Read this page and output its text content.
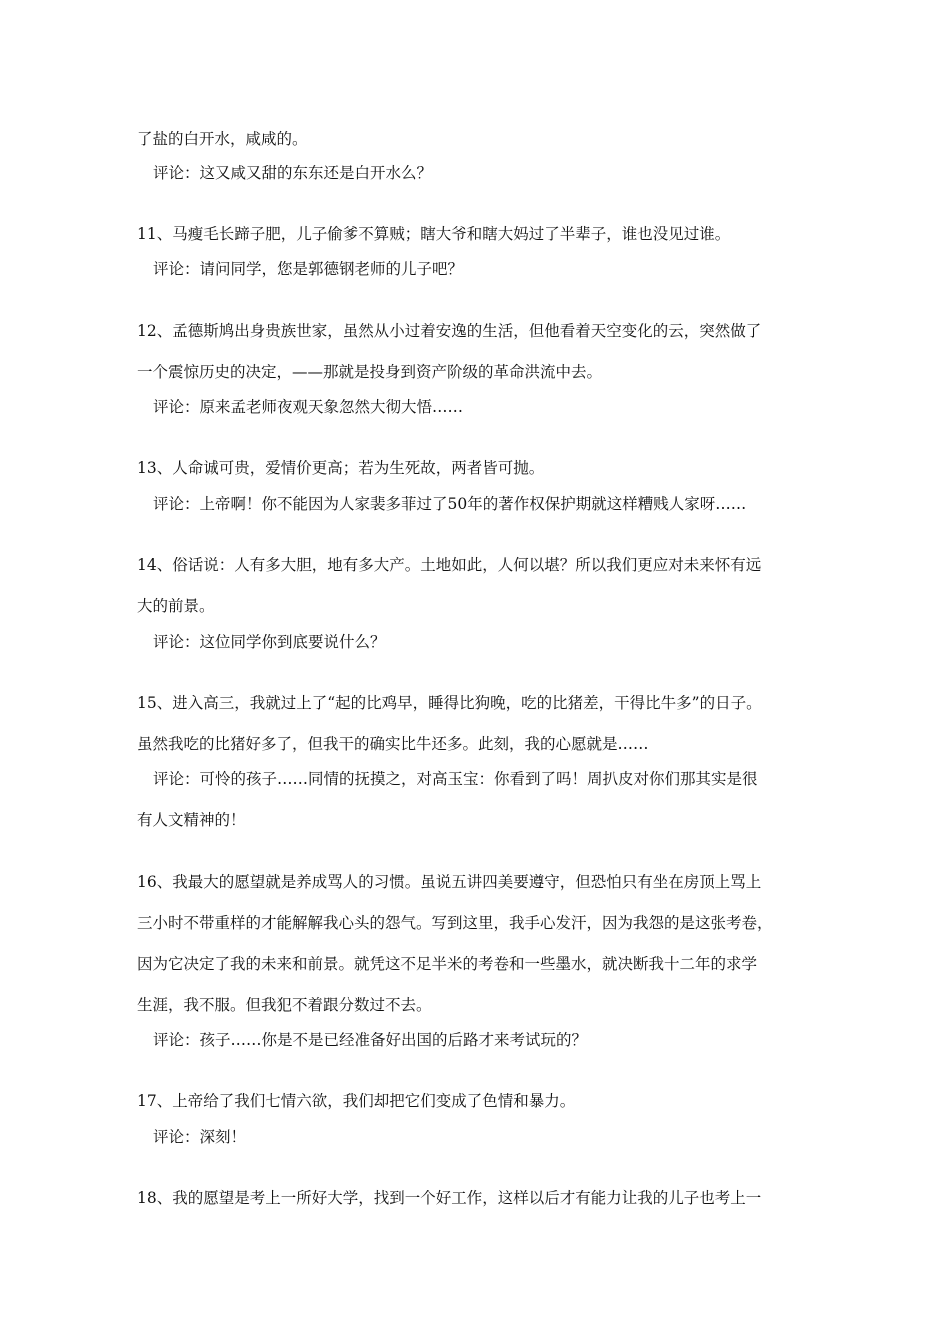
了盐的白开水，咸咸的。
评论：这又咸又甜的东东还是白开水么？
11、马瘦毛长蹄子肥，儿子偷爹不算贼；瞎大爷和瞎大妈过了半辈子，谁也没见过谁。
评论：请问同学，您是郭德钢老师的儿子吧？
12、孟德斯鸠出身贵族世家，虽然从小过着安逸的生活，但他看着天空变化的云，突然做了
一个震惊历史的决定，——那就是投身到资产阶级的革命洪流中去。
评论：原来孟老师夜观天象忽然大彻大悟……
13、人命诚可贵，爱情价更高；若为生死故，两者皆可抛。
评论：上帝啊！你不能因为人家裴多菲过了50年的著作权保护期就这样糟贱人家呀……
14、俗话说：人有多大胆，地有多大产。土地如此，人何以堪？所以我们更应对未来怀有远
大的前景。
评论：这位同学你到底要说什么？
15、进入高三，我就过上了“起的比鸡早，睡得比狗晚，吃的比猪差，干得比牛多”的日子。
虽然我吃的比猪好多了，但我干的确实比牛还多。此刻，我的心愿就是……
评论：可怜的孩子……同情的抚摸之，对高玉宝：你看到了吗！周扒皮对你们那其实是很
有人文精神的！
16、我最大的愿望就是养成骂人的习惯。虽说五讲四美要遵守，但恐怕只有坐在房顶上骂上
三小时不带重样的才能解解我心头的怨气。写到这里，我手心发汗，因为我怨的是这张考卷，
因为它决定了我的未来和前景。就凭这不足半米的考卷和一些墨水，就决断我十二年的求学
生涯，我不服。但我犯不着跟分数过不去。
评论：孩子……你是不是已经准备好出国的后路才来考试玩的？
17、上帝给了我们七情六欲，我们却把它们变成了色情和暴力。
评论：深刻！
18、我的愿望是考上一所好大学，找到一个好工作，这样以后才有能力让我的儿子也考上一
